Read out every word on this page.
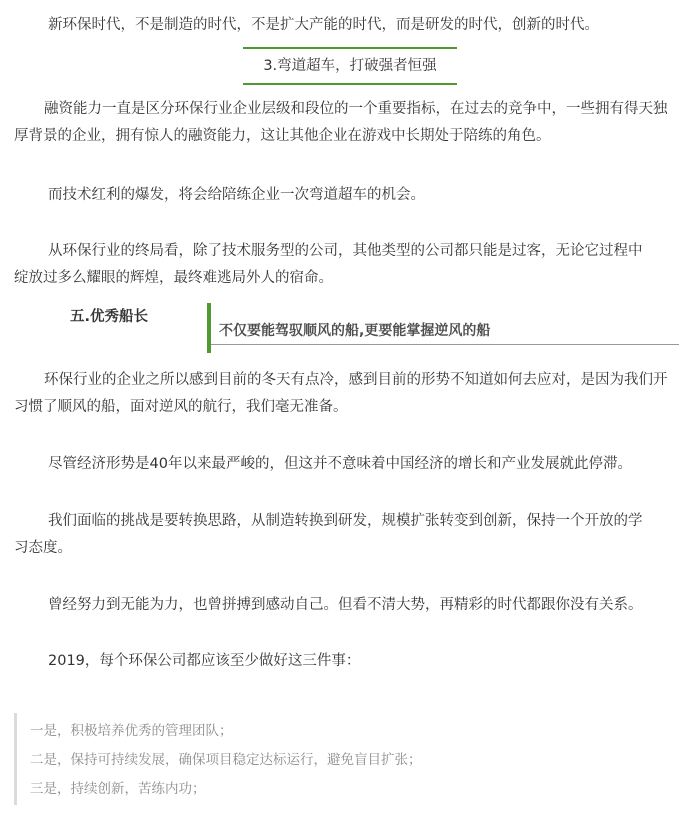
新环保时代，不是制造的时代，不是扩大产能的时代，而是研发的时代，创新的时代。

3.弯道超车，打破强者恒强

融资能力一直是区分环保行业企业层级和段位的一个重要指标，在过去的竞争中，一些拥有得天独

厚背景的企业，拥有惊人的融资能力，这让其他企业在游戏中长期处于陪练的角色。

而技术红利的爆发，将会给陪练企业一次弯道超车的机会。

从环保行业的终局看，除了技术服务型的公司，其他类型的公司都只能是过客，无论它过程中

绽放过多么耀眼的辉煌，最终难逃局外人的宿命。

五.优秀船长
不仅要能驾驭顺风的船,更要能掌握逆风的船

环保行业的企业之所以感到目前的冬天有点冷，感到目前的形势不知道如何去应对，是因为我们开

习惯了顺风的船，面对逆风的航行，我们毫无准备。

尽管经济形势是40年以来最严峻的，但这并不意味着中国经济的增长和产业发展就此停滞。

我们面临的挑战是要转换思路，从制造转换到研发，规模扩张转变到创新，保持一个开放的学

习态度。

曾经努力到无能为力，也曾拼搏到感动自己。但看不清大势，再精彩的时代都跟你没有关系。

2019，每个环保公司都应该至少做好这三件事：

一是，积极培养优秀的管理团队；
二是，保持可持续发展，确保项目稳定达标运行，避免盲目扩张；
三是，持续创新，苦练内功；
